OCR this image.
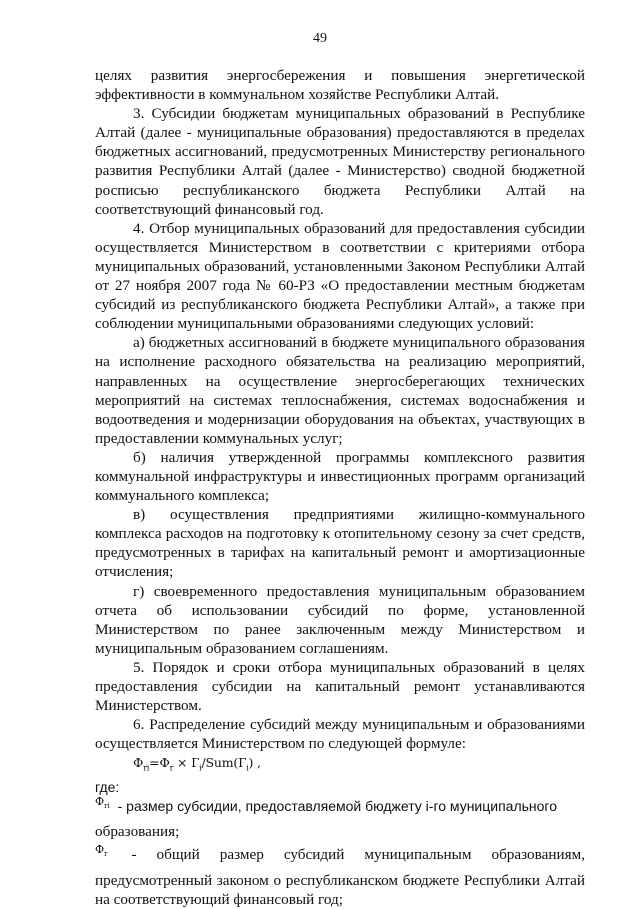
49

целях развития энергосбережения и повышения энергетической эффективности в коммунальном хозяйстве Республики Алтай.

3. Субсидии бюджетам муниципальных образований в Республике Алтай (далее - муниципальные образования) предоставляются в пределах бюджетных ассигнований, предусмотренных Министерству регионального развития Республики Алтай (далее - Министерство) сводной бюджетной росписью республиканского бюджета Республики Алтай на соответствующий финансовый год.

4. Отбор муниципальных образований для предоставления субсидии осуществляется Министерством в соответствии с критериями отбора муниципальных образований, установленными Законом Республики Алтай от 27 ноября 2007 года № 60-РЗ «О предоставлении местным бюджетам субсидий из республиканского бюджета Республики Алтай», а также при соблюдении муниципальными образованиями следующих условий:

а) бюджетных ассигнований в бюджете муниципального образования на исполнение расходного обязательства на реализацию мероприятий, направленных на осуществление энергосберегающих технических мероприятий на системах теплоснабжения, системах водоснабжения и водоотведения и модернизации оборудования на объектах, участвующих в предоставлении коммунальных услуг;

б) наличия утвержденной программы комплексного развития коммунальной инфраструктуры и инвестиционных программ организаций коммунального комплекса;

в) осуществления предприятиями жилищно-коммунального комплекса расходов на подготовку к отопительному сезону за счет средств, предусмотренных в тарифах на капитальный ремонт и амортизационные отчисления;

г) своевременного предоставления муниципальным образованием отчета об использовании субсидий по форме, установленной Министерством по ранее заключенным между Министерством и муниципальным образованием соглашениям.

5. Порядок и сроки отбора муниципальных образований в целях предоставления субсидии на капитальный ремонт устанавливаются Министерством.

6. Распределение субсидий между муниципальным и образованиями осуществляется Министерством по следующей формуле:

$Ф_{ri}=Ф_r \times Г_i/Sum(Г_i)$ ,

где:

$^{Ф_{ri}}$ - размер субсидии, предоставляемой бюджету i-го муниципального

образования;

$^{Ф_r}$ - общий размер субсидий муниципальным образованиям, предусмотренный законом о республиканском бюджете Республики Алтай на соответствующий финансовый год;
